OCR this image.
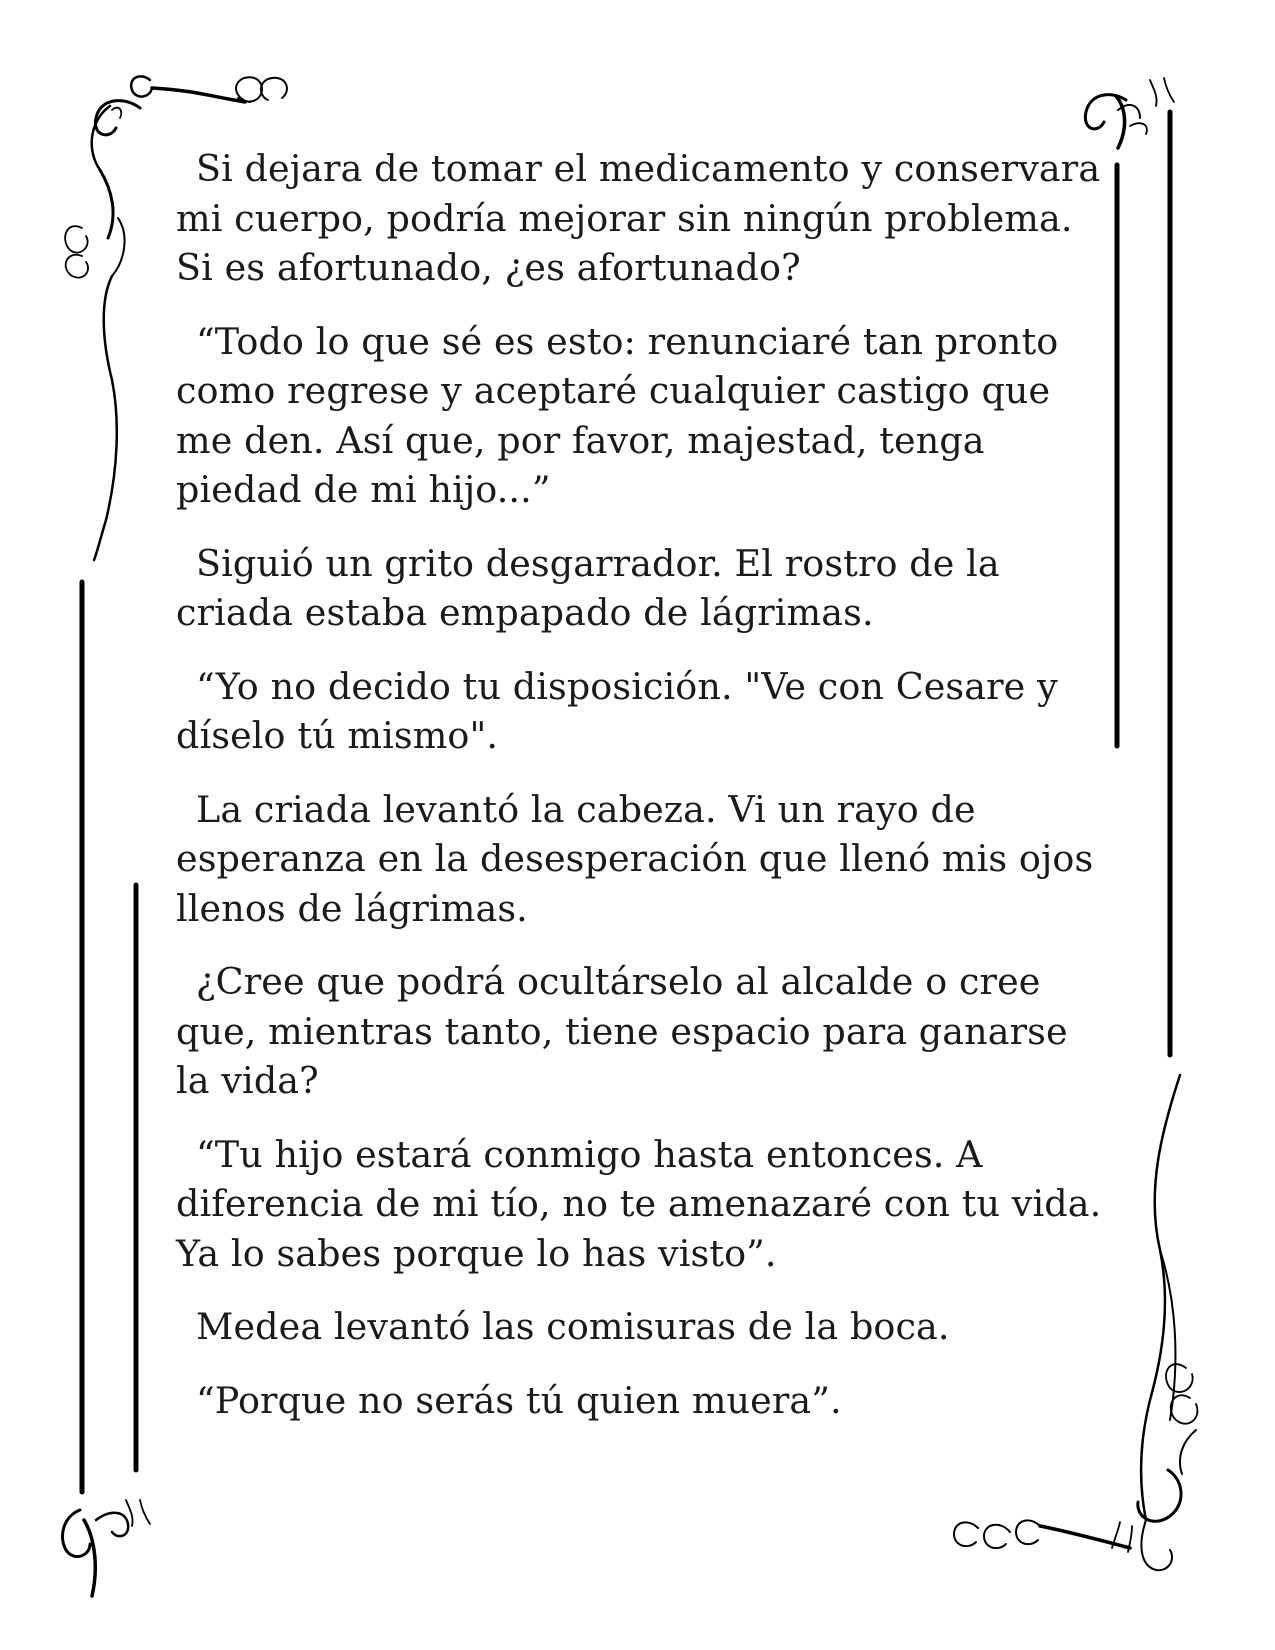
Si dejara de tomar el medicamento y conservara mi cuerpo, podría mejorar sin ningún problema. Si es afortunado, ¿es afortunado?

“Todo lo que sé es esto: renunciaré tan pronto como regrese y aceptaré cualquier castigo que me den. Así que, por favor, majestad, tenga piedad de mi hijo...”

Siguió un grito desgarrador. El rostro de la criada estaba empapado de lágrimas.

“Yo no decido tu disposición. "Ve con Cesare y díselo tú mismo".

La criada levantó la cabeza. Vi un rayo de esperanza en la desesperación que llenó mis ojos llenos de lágrimas.

¿Cree que podrá ocultárselo al alcalde o cree que, mientras tanto, tiene espacio para ganarse la vida?

“Tu hijo estará conmigo hasta entonces. A diferencia de mi tío, no te amenazaré con tu vida. Ya lo sabes porque lo has visto”.

Medea levantó las comisuras de la boca.

“Porque no serás tú quien muera”.
